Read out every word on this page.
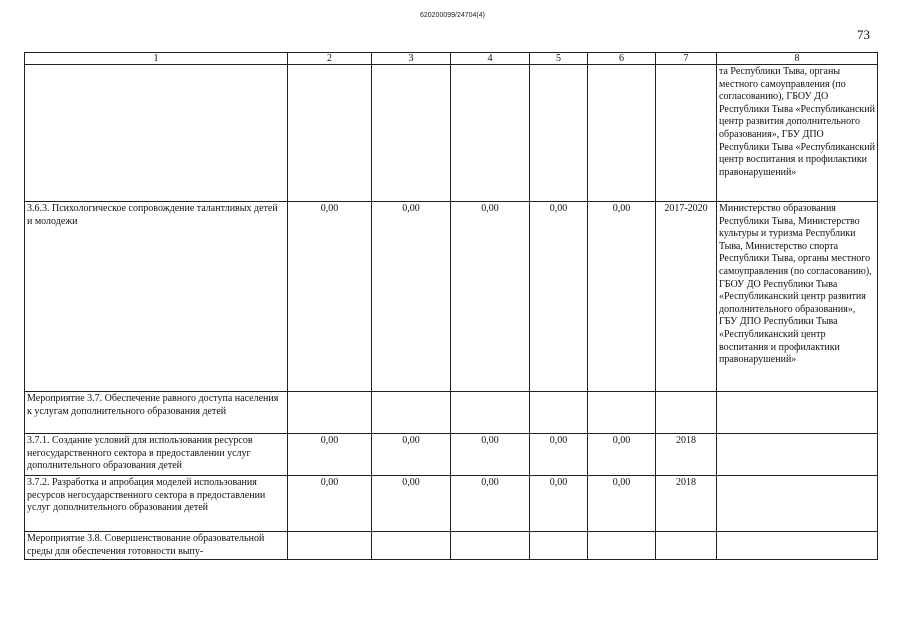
620200099/24704(4)
73
1	2	3	4	5	6	7	8
							та Республики Тыва, органы местного самоуправления (по согласованию), ГБОУ ДО Республики Тыва «Республиканский центр развития дополнительного образования», ГБУ ДПО Республики Тыва «Республиканский центр воспитания и профилактики правонарушений»
3.6.3. Психологическое сопровождение талантливых детей и молодежи	0,00	0,00	0,00	0,00	0,00	2017-2020	Министерство образования Республики Тыва, Министерство культуры и туризма Республики Тыва, Министерство спорта Республики Тыва, органы местного самоуправления (по согласованию), ГБОУ ДО Республики Тыва «Республиканский центр развития дополнительного образования», ГБУ ДПО Республики Тыва «Республиканский центр воспитания и профилактики правонарушений»
Мероприятие 3.7. Обеспечение равного доступа населения к услугам дополнительного образования детей							
3.7.1. Создание условий для использования ресурсов негосударственного сектора в предоставлении услуг дополнительного образования детей	0,00	0,00	0,00	0,00	0,00	2018	
3.7.2. Разработка и апробация моделей использования ресурсов негосударственного сектора в предоставлении услуг дополнительного образования детей	0,00	0,00	0,00	0,00	0,00	2018	
Мероприятие 3.8. Совершенствование образовательной среды для обеспечения готовности выпу-							
